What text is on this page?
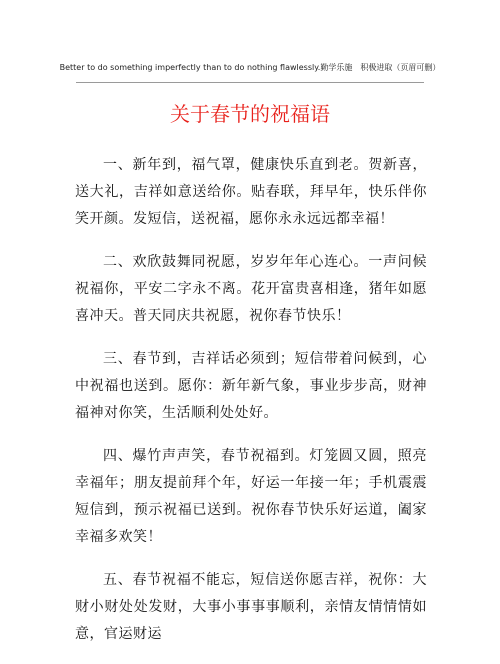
Better to do something imperfectly than to do nothing flawlessly.勤学乐施　积极进取（页眉可删）
关于春节的祝福语

一、新年到，福气罩，健康快乐直到老。贺新喜，送大礼，吉祥如意送给你。贴春联，拜早年，快乐伴你笑开颜。发短信，送祝福，愿你永永远远都幸福！

二、欢欣鼓舞同祝愿，岁岁年年心连心。一声问候祝福你，平安二字永不离。花开富贵喜相逢，猪年如愿喜冲天。普天同庆共祝愿，祝你春节快乐！

三、春节到，吉祥话必须到；短信带着问候到，心中祝福也送到。愿你：新年新气象，事业步步高，财神福神对你笑，生活顺利处处好。

四、爆竹声声笑，春节祝福到。灯笼圆又圆，照亮幸福年；朋友提前拜个年，好运一年接一年；手机震震短信到，预示祝福已送到。祝你春节快乐好运道，阖家幸福多欢笑！

五、春节祝福不能忘，短信送你愿吉祥，祝你：大财小财处处发财，大事小事事事顺利，亲情友情情情如意，官运财运
